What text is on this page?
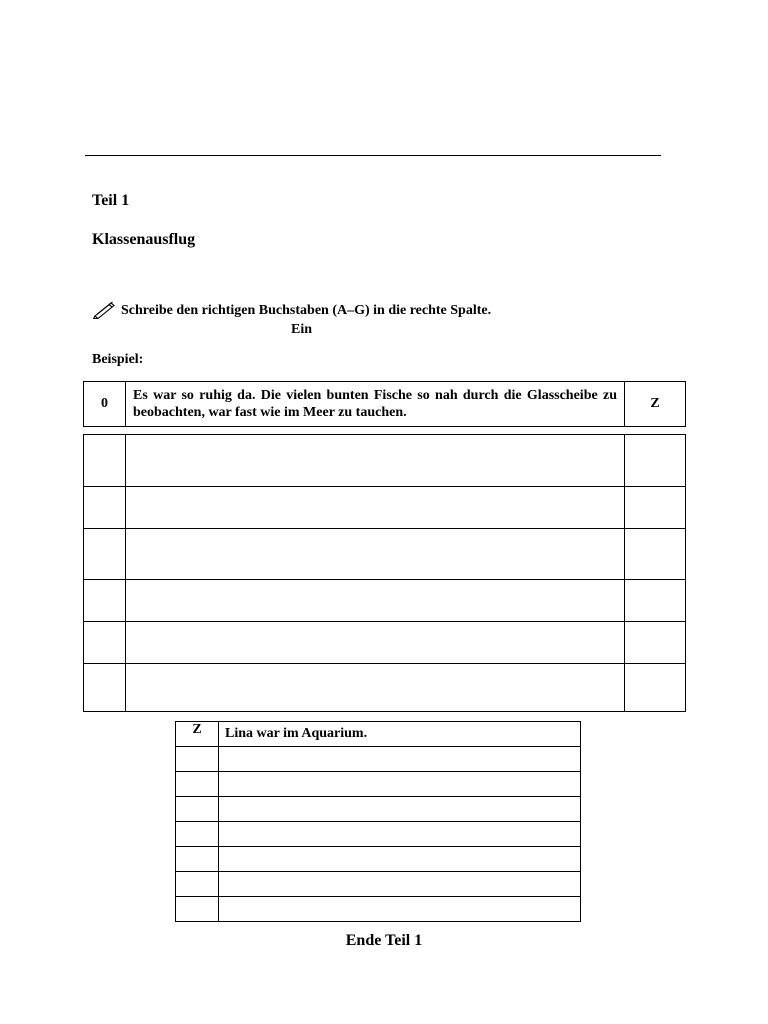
Teil 1
Klassenausflug
Schreibe den richtigen Buchstaben (A–G) in die rechte Spalte.
Ein
Beispiel:
0	Es war so ruhig da. Die vielen bunten Fische so nah durch die Glasscheibe zu beobachten, war fast wie im Meer zu tauchen.	Z

Z	Lina war im Aquarium.

Ende Teil 1
